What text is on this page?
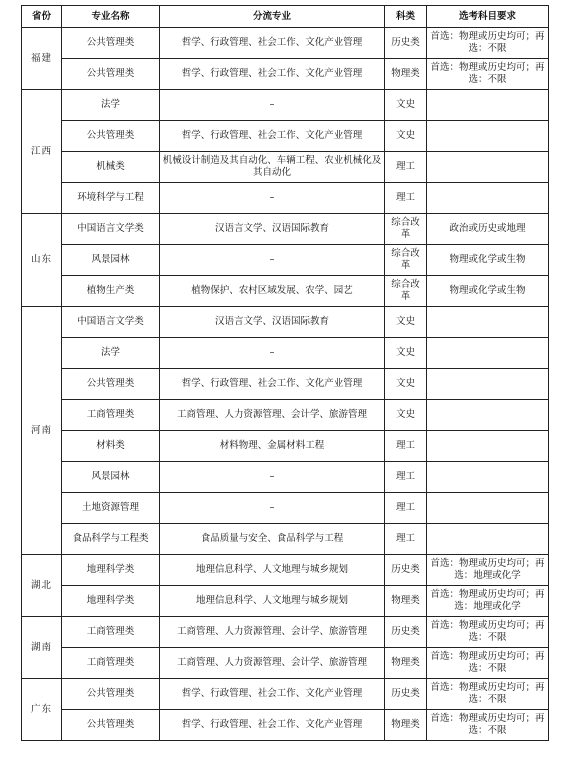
省份	专业名称	分流专业	科类	选考科目要求
福建	公共管理类	哲学、行政管理、社会工作、文化产业管理	历史类	首选：物理或历史均可；再选：不限
	公共管理类	哲学、行政管理、社会工作、文化产业管理	物理类	首选：物理或历史均可；再选：不限
江西	法学	–	文史	
	公共管理类	哲学、行政管理、社会工作、文化产业管理	文史	
	机械类	机械设计制造及其自动化、车辆工程、农业机械化及其自动化	理工	
	环境科学与工程	–	理工	
山东	中国语言文学类	汉语言文学、汉语国际教育	综合改革	政治或历史或地理
	风景园林	–	综合改革	物理或化学或生物
	植物生产类	植物保护、农村区域发展、农学、园艺	综合改革	物理或化学或生物
河南	中国语言文学类	汉语言文学、汉语国际教育	文史	
	法学	–	文史	
	公共管理类	哲学、行政管理、社会工作、文化产业管理	文史	
	工商管理类	工商管理、人力资源管理、会计学、旅游管理	文史	
	材料类	材料物理、金属材料工程	理工	
	风景园林	–	理工	
	土地资源管理	–	理工	
	食品科学与工程类	食品质量与安全、食品科学与工程	理工	
湖北	地理科学类	地理信息科学、人文地理与城乡规划	历史类	首选：物理或历史均可；再选：地理或化学
	地理科学类	地理信息科学、人文地理与城乡规划	物理类	首选：物理或历史均可；再选：地理或化学
湖南	工商管理类	工商管理、人力资源管理、会计学、旅游管理	历史类	首选：物理或历史均可；再选：不限
	工商管理类	工商管理、人力资源管理、会计学、旅游管理	物理类	首选：物理或历史均可；再选：不限
广东	公共管理类	哲学、行政管理、社会工作、文化产业管理	历史类	首选：物理或历史均可；再选：不限
	公共管理类	哲学、行政管理、社会工作、文化产业管理	物理类	首选：物理或历史均可；再选：不限
